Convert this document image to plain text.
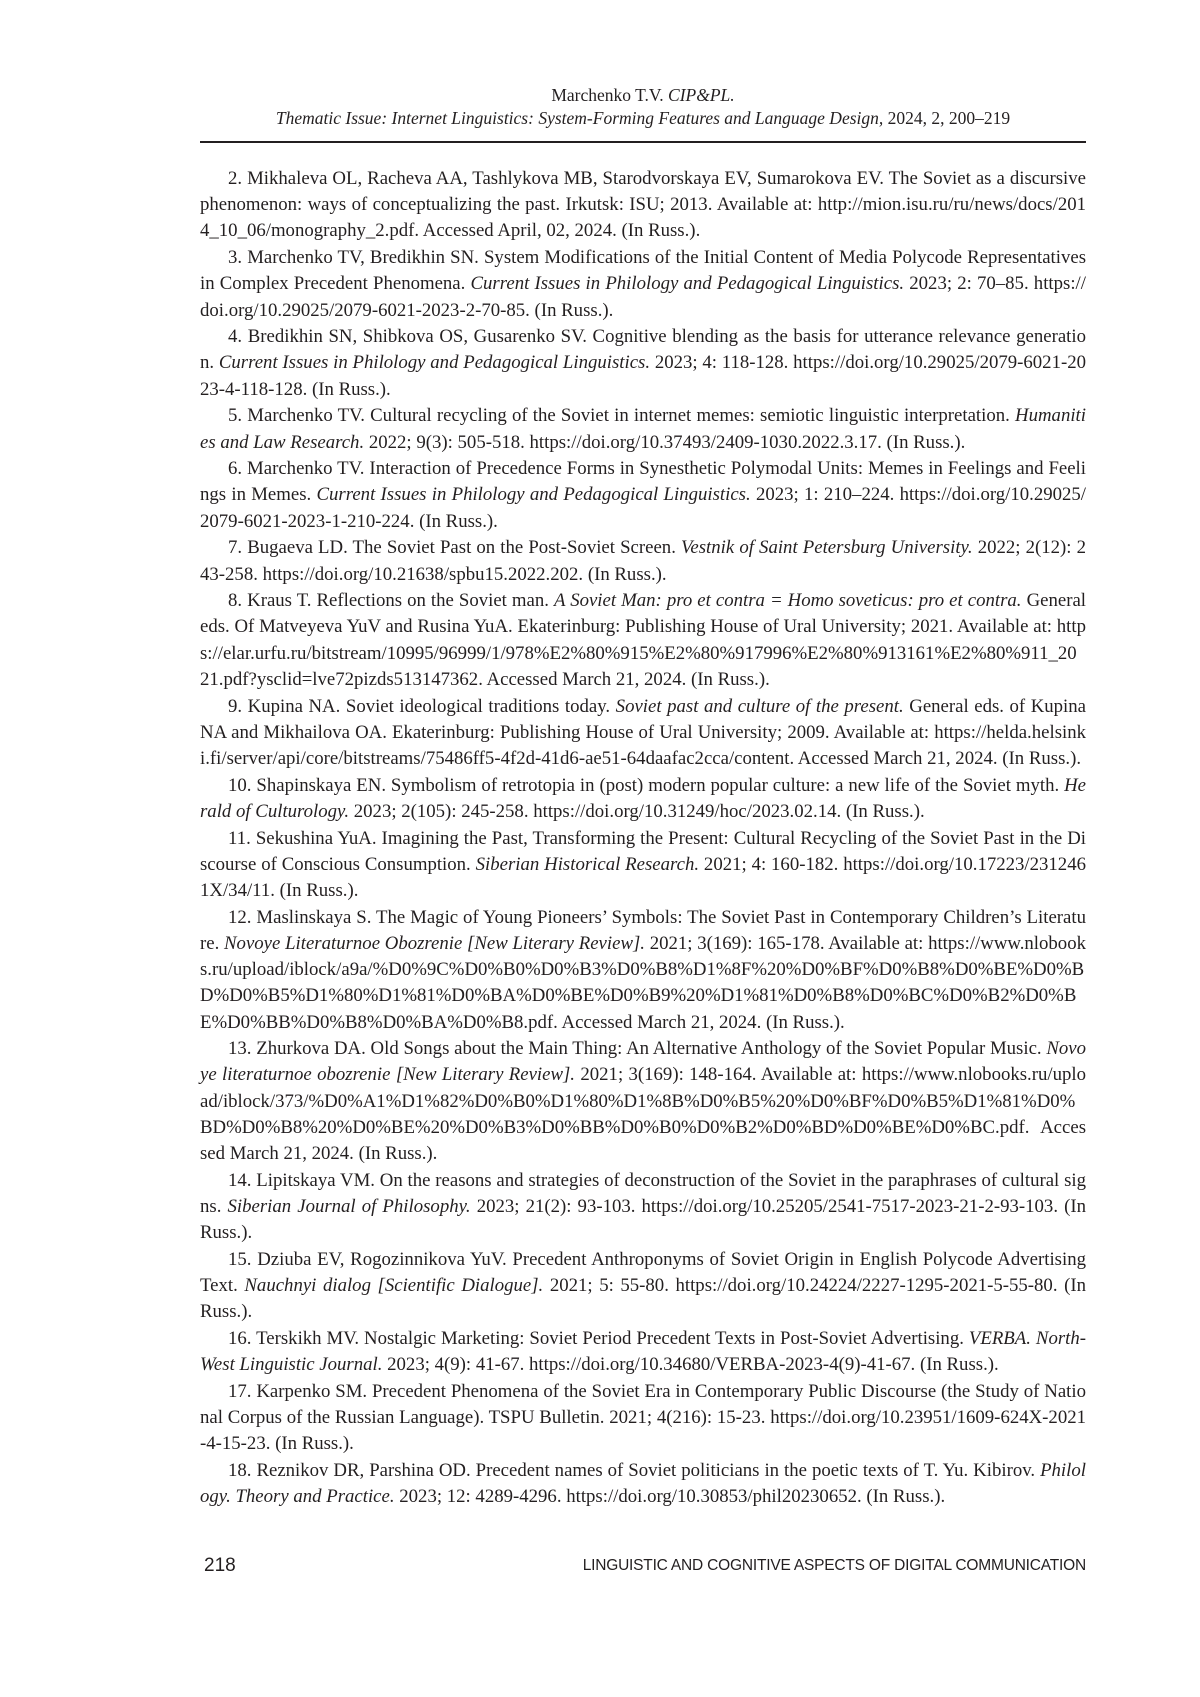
Marchenko T.V. CIP&PL.
Thematic Issue: Internet Linguistics: System-Forming Features and Language Design, 2024, 2, 200–219
2. Mikhaleva OL, Racheva AA, Tashlykova MB, Starodvorskaya EV, Sumarokova EV. The Soviet as a discursive phenomenon: ways of conceptualizing the past. Irkutsk: ISU; 2013. Available at: http://mion.isu.ru/ru/news/docs/2014_10_06/monography_2.pdf. Accessed April, 02, 2024. (In Russ.).
3. Marchenko TV, Bredikhin SN. System Modifications of the Initial Content of Media Polycode Representatives in Complex Precedent Phenomena. Current Issues in Philology and Pedagogical Linguistics. 2023; 2: 70–85. https://doi.org/10.29025/2079-6021-2023-2-70-85. (In Russ.).
4. Bredikhin SN, Shibkova OS, Gusarenko SV. Cognitive blending as the basis for utterance relevance generation. Current Issues in Philology and Pedagogical Linguistics. 2023; 4: 118-128. https://doi.org/10.29025/2079-6021-2023-4-118-128. (In Russ.).
5. Marchenko TV. Cultural recycling of the Soviet in internet memes: semiotic linguistic interpretation. Humanities and Law Research. 2022; 9(3): 505-518. https://doi.org/10.37493/2409-1030.2022.3.17. (In Russ.).
6. Marchenko TV. Interaction of Precedence Forms in Synesthetic Polymodal Units: Memes in Feelings and Feelings in Memes. Current Issues in Philology and Pedagogical Linguistics. 2023; 1: 210–224. https://doi.org/10.29025/2079-6021-2023-1-210-224. (In Russ.).
7. Bugaeva LD. The Soviet Past on the Post-Soviet Screen. Vestnik of Saint Petersburg University. 2022; 2(12): 243-258. https://doi.org/10.21638/spbu15.2022.202. (In Russ.).
8. Kraus T. Reflections on the Soviet man. A Soviet Man: pro et contra = Homo soveticus: pro et contra. General eds. Of Matveyeva YuV and Rusina YuA. Ekaterinburg: Publishing House of Ural University; 2021. Available at: https://elar.urfu.ru/bitstream/10995/96999/1/978%E2%80%915%E2%80%917996%E2%80%913161%E2%80%911_2021.pdf?ysclid=lve72pizds513147362. Accessed March 21, 2024. (In Russ.).
9. Kupina NA. Soviet ideological traditions today. Soviet past and culture of the present. General eds. of Kupina NA and Mikhailova OA. Ekaterinburg: Publishing House of Ural University; 2009. Available at: https://helda.helsinki.fi/server/api/core/bitstreams/75486ff5-4f2d-41d6-ae51-64daafac2cca/content. Accessed March 21, 2024. (In Russ.).
10. Shapinskaya EN. Symbolism of retrotopia in (post) modern popular culture: a new life of the Soviet myth. Herald of Culturology. 2023; 2(105): 245-258. https://doi.org/10.31249/hoc/2023.02.14. (In Russ.).
11. Sekushina YuA. Imagining the Past, Transforming the Present: Cultural Recycling of the Soviet Past in the Discourse of Conscious Consumption. Siberian Historical Research. 2021; 4: 160-182. https://doi.org/10.17223/2312461X/34/11. (In Russ.).
12. Maslinskaya S. The Magic of Young Pioneers’ Symbols: The Soviet Past in Contemporary Children’s Literature. Novoye Literaturnoe Obozrenie [New Literary Review]. 2021; 3(169): 165-178. Available at: https://www.nlobooks.ru/upload/iblock/a9a/%D0%9C%D0%B0%D0%B3%D0%B8%D1%8F%20%D0%BF%D0%B8%D0%BE%D0%BD%D0%B5%D1%80%D1%81%D0%BA%D0%BE%D0%B9%20%D1%81%D0%B8%D0%BC%D0%B2%D0%BE%D0%BB%D0%B8%D0%BA%D0%B8.pdf. Accessed March 21, 2024. (In Russ.).
13. Zhurkova DA. Old Songs about the Main Thing: An Alternative Anthology of the Soviet Popular Music. Novoye literaturnoe obozrenie [New Literary Review]. 2021; 3(169): 148-164. Available at: https://www.nlobooks.ru/upload/iblock/373/%D0%A1%D1%82%D0%B0%D1%80%D1%8B%D0%B5%20%D0%BF%D0%B5%D1%81%D0%BD%D0%B8%20%D0%BE%20%D0%B3%D0%BB%D0%B0%D0%B2%D0%BD%D0%BE%D0%BC.pdf. Accessed March 21, 2024. (In Russ.).
14. Lipitskaya VM. On the reasons and strategies of deconstruction of the Soviet in the paraphrases of cultural signs. Siberian Journal of Philosophy. 2023; 21(2): 93-103. https://doi.org/10.25205/2541-7517-2023-21-2-93-103. (In Russ.).
15. Dziuba EV, Rogozinnikova YuV. Precedent Anthroponyms of Soviet Origin in English Polycode Advertising Text. Nauchnyi dialog [Scientific Dialogue]. 2021; 5: 55-80. https://doi.org/10.24224/2227-1295-2021-5-55-80. (In Russ.).
16. Terskikh MV. Nostalgic Marketing: Soviet Period Precedent Texts in Post-Soviet Advertising. VERBA. North-West Linguistic Journal. 2023; 4(9): 41-67. https://doi.org/10.34680/VERBA-2023-4(9)-41-67. (In Russ.).
17. Karpenko SM. Precedent Phenomena of the Soviet Era in Contemporary Public Discourse (the Study of National Corpus of the Russian Language). TSPU Bulletin. 2021; 4(216): 15-23. https://doi.org/10.23951/1609-624X-2021-4-15-23. (In Russ.).
18. Reznikov DR, Parshina OD. Precedent names of Soviet politicians in the poetic texts of T. Yu. Kibirov. Philology. Theory and Practice. 2023; 12: 4289-4296. https://doi.org/10.30853/phil20230652. (In Russ.).
218	LINGUISTIC AND COGNITIVE ASPECTS OF DIGITAL COMMUNICATION
